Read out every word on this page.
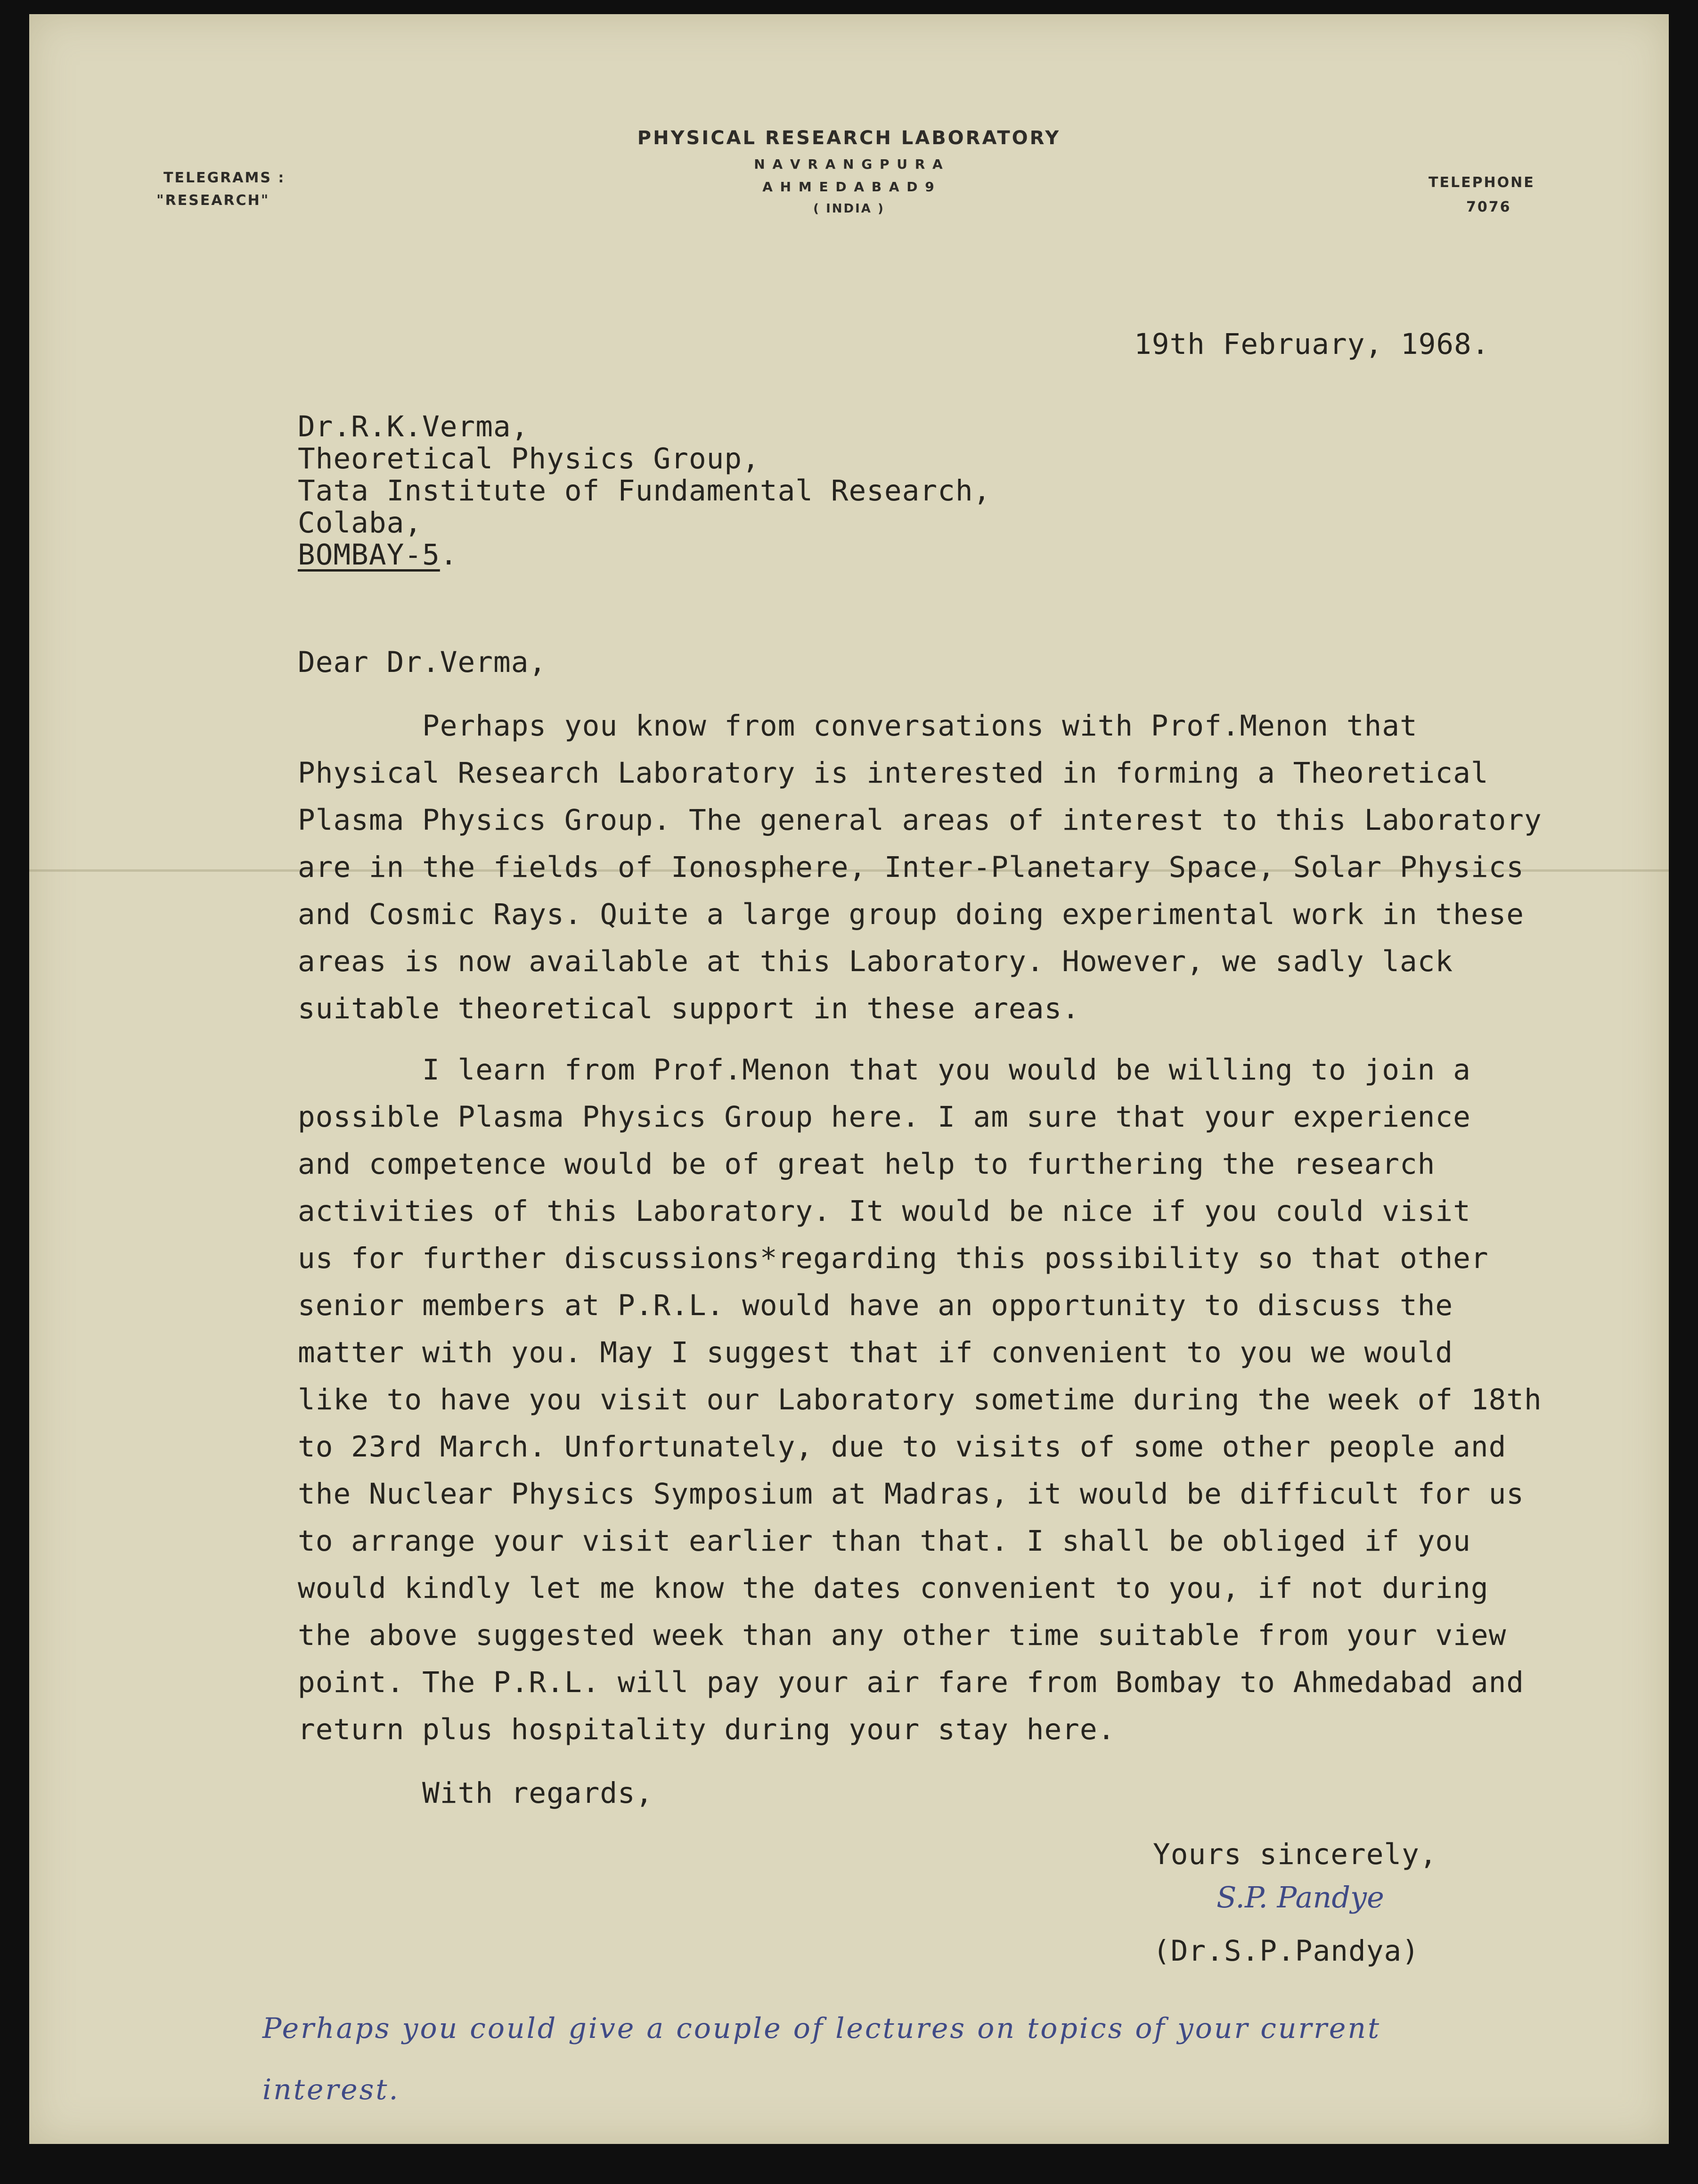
PHYSICAL RESEARCH LABORATORY
N A V R A N G P U R A
A H M E D A B A D 9
( INDIA )
TELEGRAMS :
"RESEARCH"
TELEPHONE
7076
19th February, 1968.
Dr.R.K.Verma,
Theoretical Physics Group,
Tata Institute of Fundamental Research,
Colaba,
BOMBAY-5.
Dear Dr.Verma,
Perhaps you know from conversations with Prof.Menon that
Physical Research Laboratory is interested in forming a Theoretical
Plasma Physics Group. The general areas of interest to this Laboratory
are in the fields of Ionosphere, Inter-Planetary Space, Solar Physics
and Cosmic Rays. Quite a large group doing experimental work in these
areas is now available at this Laboratory. However, we sadly lack
suitable theoretical support in these areas.
I learn from Prof.Menon that you would be willing to join a
possible Plasma Physics Group here. I am sure that your experience
and competence would be of great help to furthering the research
activities of this Laboratory. It would be nice if you could visit
us for further discussions*regarding this possibility so that other
senior members at P.R.L. would have an opportunity to discuss the
matter with you. May I suggest that if convenient to you we would
like to have you visit our Laboratory sometime during the week of 18th
to 23rd March. Unfortunately, due to visits of some other people and
the Nuclear Physics Symposium at Madras, it would be difficult for us
to arrange your visit earlier than that. I shall be obliged if you
would kindly let me know the dates convenient to you, if not during
the above suggested week than any other time suitable from your view
point. The P.R.L. will pay your air fare from Bombay to Ahmedabad and
return plus hospitality during your stay here.
With regards,
Yours sincerely,
S.P. Pandye
(Dr.S.P.Pandya)
Perhaps you could give a couple of lectures on topics of your current
interest.
